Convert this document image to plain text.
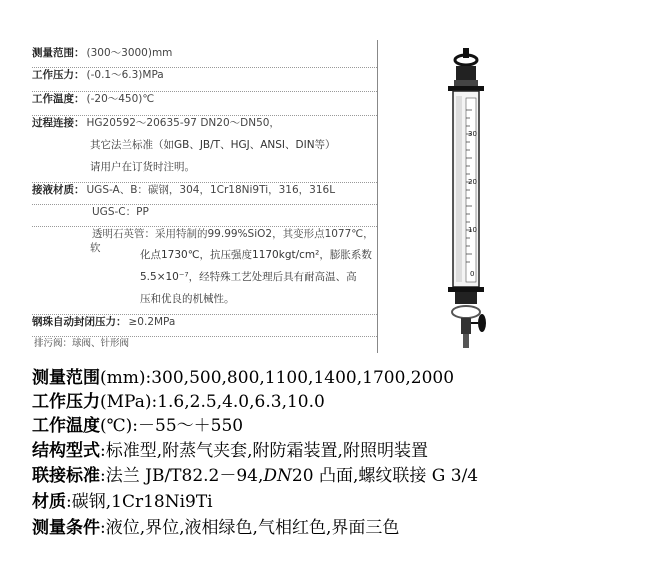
测量范围： (300～3000)mm
工作压力： (-0.1～6.3)MPa
工作温度： (-20～450)℃
过程连接： HG20592～20635-97 DN20～DN50，
其它法兰标准（如GB、JB/T、HGJ、ANSI、DIN等）
请用户在订货时注明。
接液材质： UGS-A、B：碳钢，304，1Cr18Ni9Ti，316，316L
UGS-C：PP
透明石英管：采用特制的99.99%SiO2，其变形点1077℃，软
化点1730℃，抗压强度1170kgt/cm²，膨胀系数
5.5×10⁻⁷，经特殊工艺处理后具有耐高温、高
压和优良的机械性。
钢珠自动封闭压力： ≥0.2MPa
排污阀：球阀、针形阀
30
20
10
0
测量范围(mm):300,500,800,1100,1400,1700,2000
工作压力(MPa):1.6,2.5,4.0,6.3,10.0
工作温度(℃):－55～＋550
结构型式:标准型,附蒸气夹套,附防霜装置,附照明装置
联接标准:法兰 JB/T82.2－94,DN20 凸面,螺纹联接 G 3/4
材质:碳钢,1Cr18Ni9Ti
测量条件:液位,界位,液相绿色,气相红色,界面三色
